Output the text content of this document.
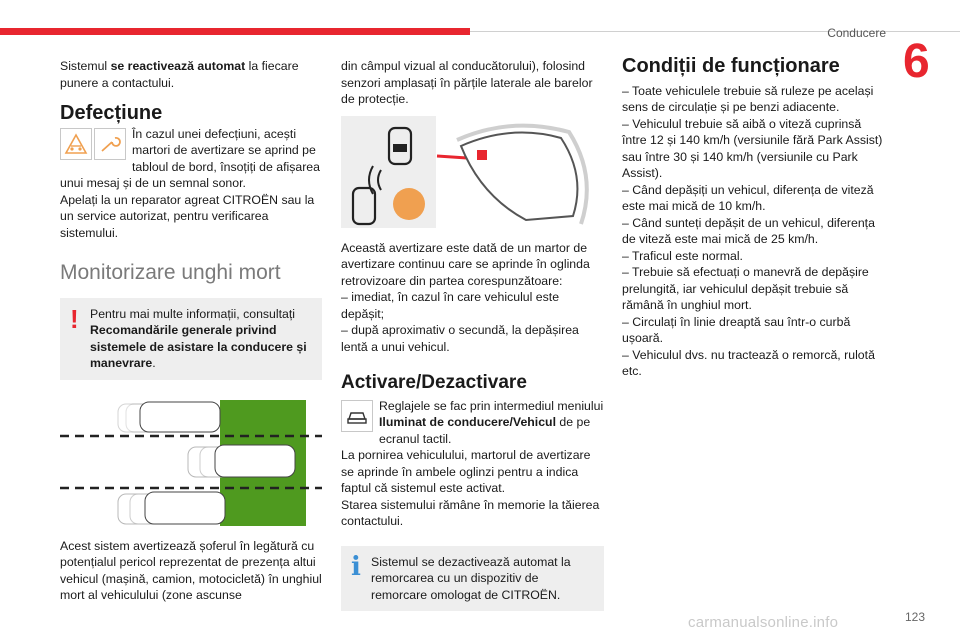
Conducere
6

Sistemul se reactivează automat la fiecare punere a contactului.

Defecțiune

În cazul unei defecțiuni, acești martori de avertizare se aprind pe tabloul de bord, însoțiți de afișarea unui mesaj și de un semnal sonor.

Apelați la un reparator agreat CITROËN sau la un service autorizat, pentru verificarea sistemului.

Monitorizare unghi mort
! Pentru mai multe informații, consultați Recomandările generale privind sistemele de asistare la conducere și manevrare.

Acest sistem avertizează șoferul în legătură cu potențialul pericol reprezentat de prezența altui vehicul (mașină, camion, motocicletă) în unghiul mort al vehiculului (zone ascunse

din câmpul vizual al conducătorului), folosind senzori amplasați în părțile laterale ale barelor de protecție.

Această avertizare este dată de un martor de avertizare continuu care se aprinde în oglinda retrovizoare din partea corespunzătoare:

– imediat, în cazul în care vehiculul este depășit;

– după aproximativ o secundă, la depășirea lentă a unui vehicul.

Activare/Dezactivare

Reglajele se fac prin intermediul meniului Iluminat de conducere/Vehicul de pe ecranul tactil.

La pornirea vehiculului, martorul de avertizare se aprinde în ambele oglinzi pentru a indica faptul că sistemul este activat.

Starea sistemului rămâne în memorie la tăierea contactului.

i Sistemul se dezactivează automat la remorcarea cu un dispozitiv de remorcare omologat de CITROËN.

Condiții de funcționare

– Toate vehiculele trebuie să ruleze pe același sens de circulație și pe benzi adiacente.

– Vehiculul trebuie să aibă o viteză cuprinsă între 12 și 140 km/h (versiunile fără Park Assist) sau între 30 și 140 km/h (versiunile cu Park Assist).

– Când depășiți un vehicul, diferența de viteză este mai mică de 10 km/h.

– Când sunteți depășit de un vehicul, diferența de viteză este mai mică de 25 km/h.

– Traficul este normal.

– Trebuie să efectuați o manevră de depășire prelungită, iar vehiculul depășit trebuie să rămână în unghiul mort.

– Circulați în linie dreaptă sau într-o curbă ușoară.

– Vehiculul dvs. nu tractează o remorcă, rulotă etc.

carmanualsonline.info	123
